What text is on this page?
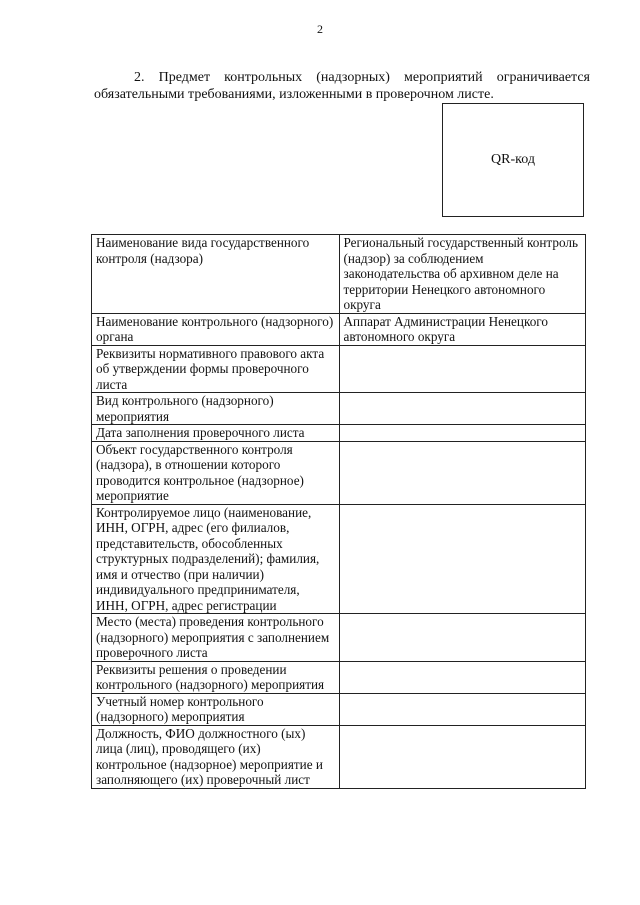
2

2. Предмет контрольных (надзорных) мероприятий ограничивается обязательными требованиями, изложенными в проверочном листе.

QR-код
Наименование вида государственного контроля (надзора)	Региональный государственный контроль (надзор) за соблюдением законодательства об архивном деле на территории Ненецкого автономного округа
Наименование контрольного (надзорного) органа	Аппарат Администрации Ненецкого автономного округа
Реквизиты нормативного правового акта об утверждении формы проверочного листа	
Вид контрольного (надзорного) мероприятия	
Дата заполнения проверочного листа	
Объект государственного контроля (надзора), в отношении которого проводится контрольное (надзорное) мероприятие	
Контролируемое лицо (наименование, ИНН, ОГРН, адрес (его филиалов, представительств, обособленных структурных подразделений); фамилия, имя и отчество (при наличии) индивидуального предпринимателя, ИНН, ОГРН, адрес регистрации	
Место (места) проведения контрольного (надзорного) мероприятия с заполнением проверочного листа	
Реквизиты решения о проведении контрольного (надзорного) мероприятия	
Учетный номер контрольного (надзорного) мероприятия	
Должность, ФИО должностного (ых) лица (лиц), проводящего (их) контрольное (надзорное) мероприятие и заполняющего (их) проверочный лист	
